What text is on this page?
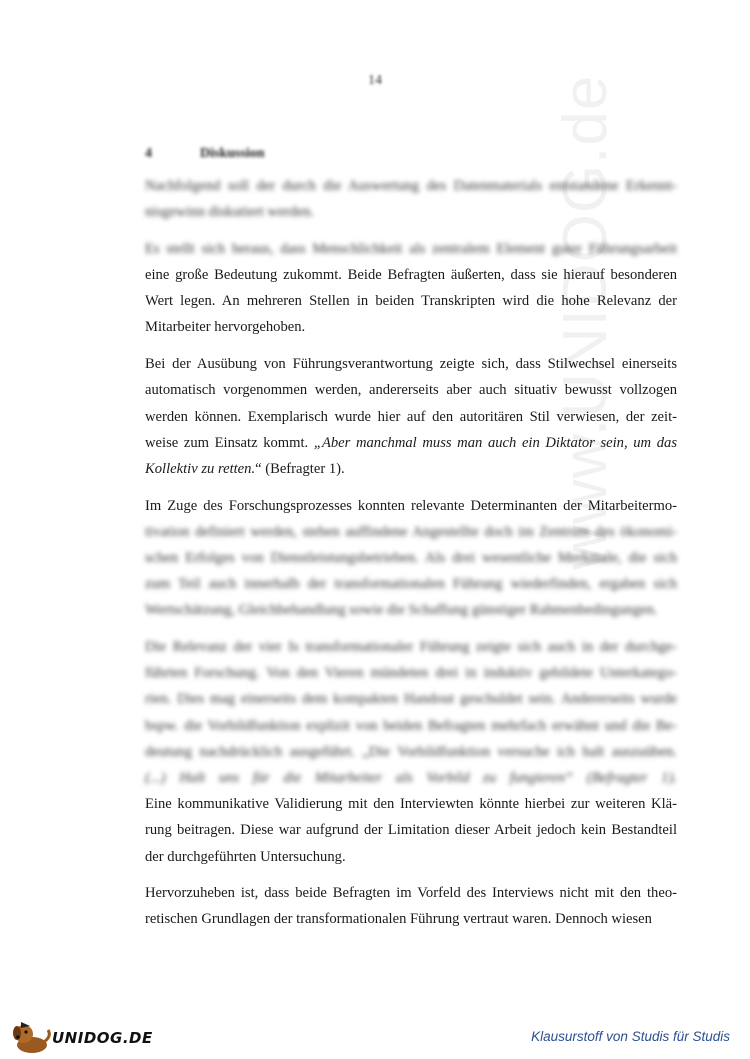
www.UNIDOG.de
14
4	Diskussion
Nachfolgend soll der durch die Auswertung des Datenmaterials entstandene Erkennt-
nisgewinn diskutiert werden.
Es stellt sich heraus, dass Menschlichkeit als zentralem Element guter Führungsarbeit
eine große Bedeutung zukommt. Beide Befragten äußerten, dass sie hierauf besonderen
Wert legen. An mehreren Stellen in beiden Transkripten wird die hohe Relevanz der
Mitarbeiter hervorgehoben.
Bei der Ausübung von Führungsverantwortung zeigte sich, dass Stilwechsel einerseits
automatisch vorgenommen werden, andererseits aber auch situativ bewusst vollzogen
werden können. Exemplarisch wurde hier auf den autoritären Stil verwiesen, der zeit-
weise zum Einsatz kommt. „Aber manchmal muss man auch ein Diktator sein, um das
Kollektiv zu retten.“ (Befragter 1).
Im Zuge des Forschungsprozesses konnten relevante Determinanten der Mitarbeitermo-
tivation definiert werden, stehen auffindene Angestellte doch im Zentrum des ökonomi-
schen Erfolges von Dienstleistungsbetrieben. Als drei wesentliche Merkmale, die sich
zum Teil auch innerhalb der transformationalen Führung wiederfinden, ergaben sich
Wertschätzung, Gleichbehandlung sowie die Schaffung günstiger Rahmenbedingungen.
Die Relevanz der vier Is transformationaler Führung zeigte sich auch in der durchge-
führten Forschung. Von den Vieren mündeten drei in induktiv gebildete Unterkatego-
rien. Dies mag einerseits dem kompakten Handout geschuldet sein. Andererseits wurde
bspw. die Vorbildfunktion explizit von beiden Befragten mehrfach erwähnt und die Be-
deutung nachdrücklich ausgeführt. „Die Vorbildfunktion versuche ich halt auszuüben.
(...) Halt uns für die Mitarbeiter als Vorbild zu fungieren“ (Befragter 1).
Eine kommunikative Validierung mit den Interviewten könnte hierbei zur weiteren Klä-
rung beitragen. Diese war aufgrund der Limitation dieser Arbeit jedoch kein Bestandteil
der durchgeführten Untersuchung.
Hervorzuheben ist, dass beide Befragten im Vorfeld des Interviews nicht mit den theo-
retischen Grundlagen der transformationalen Führung vertraut waren. Dennoch wiesen
UNIDOG.DE	Klausurstoff von Studis für Studis
